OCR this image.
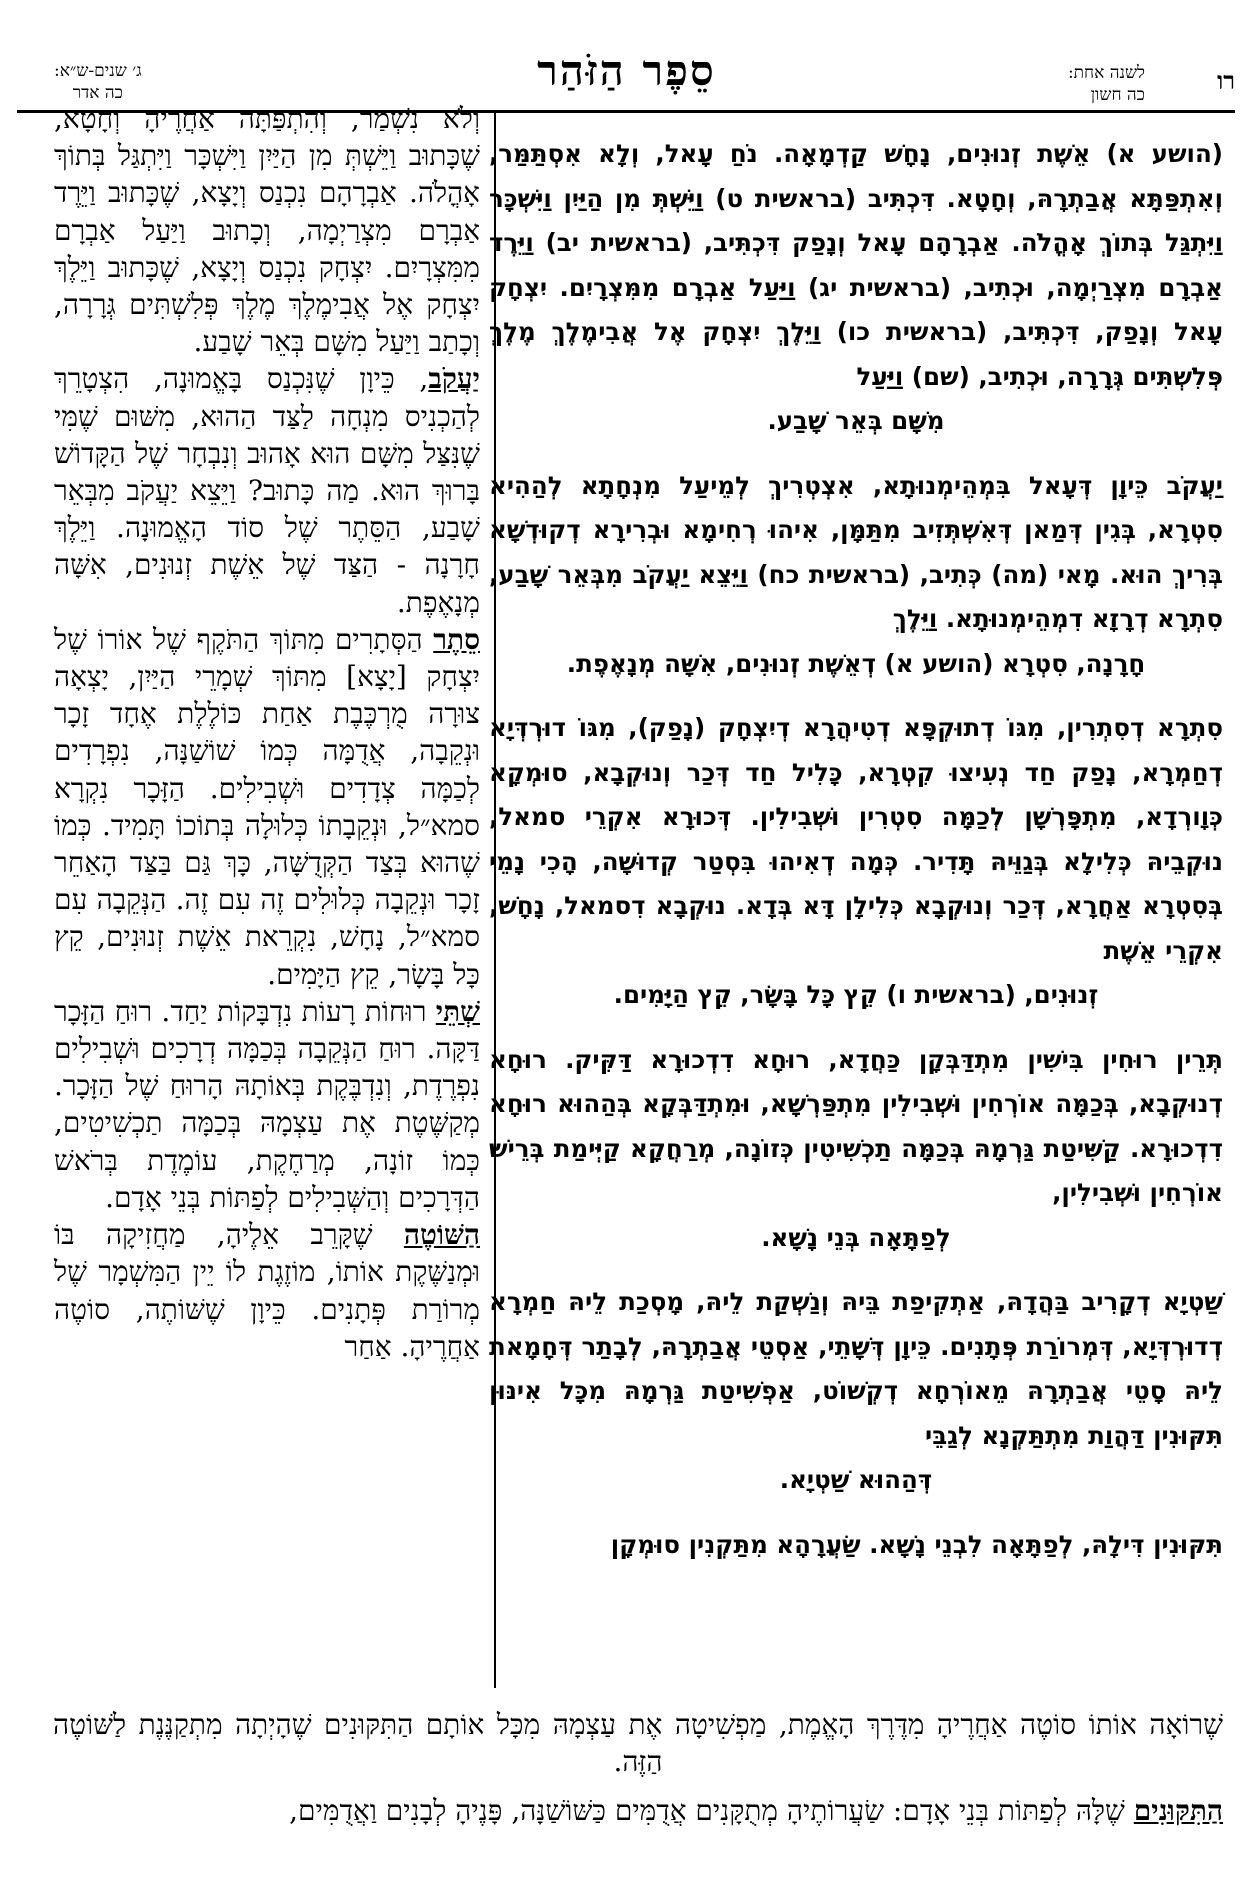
רו
לשנה אחת:
כה חשון
סֵפֶר הַזֹּהַר
ג׳ שנים-ש״א:
כה אדר

(הושע א) אֵשֶׁת זְנוּנִים, נָחָשׁ קַדְמָאָה. נֹחַ עָאל, וְלָא אִסְתַּמַּר, וְאִתְפַּתָּא אֲבַתְרָהּ, וְחָטָא. דִּכְתִּיב (בראשית ט) וַיֵּשְׁתְּ מִן הַיַּיִן וַיִּשְׁכָּר וַיִּתְגַּל בְּתוֹךְ אָהֳלֹה. אַבְרָהָם עָאל וְנָפַק דִּכְתִּיב, (בראשית יב) וַיֵּרֶד אַבְרָם מִצְרַיְמָה, וּכְתִיב, (בראשית יג) וַיַּעַל אַבְרָם מִמִּצְרָיִם. יִצְחָק עָאל וְנָפַק, דִּכְתִּיב, (בראשית כו) וַיֵּלֶךְ יִצְחָק אֶל אֲבִימֶלֶךְ מֶלֶךְ פְּלִשְׁתִּים גְּרָרָה, וּכְתִיב, (שם) וַיַּעַל
מִשָּׁם בְּאֵר שָׁבַע.

יַעֲקֹב כֵּיוָן דְּעָאל בִּמְהֵימְנוּתָא, אִצְטְרִיךְ לְמֵיעַל מִנְחָתָא לְהַהִיא סִטְרָא, בְּגִין דְּמַאן דְּאִשְׁתְּזִיב מִתַּמָּן, אִיהוּ רְחִימָא וּבְרִירָא דְקוּדְשָׁא בְּרִיךְ הוּא. מָאי (מה) כְּתִיב, (בראשית כח) וַיֵּצֵא יַעֲקֹב מִבְּאֵר שָׁבַע, סִתְרָא דְרָזָא דִמְהֵימְנוּתָא. וַיֵּלֶךְ
חָרָנָה, סִטְרָא (הושע א) דְאֵשֶׁת זְנוּנִים, אִשָּׁה מְנָאֶפֶת.

סִתְרָא דְסִתְרִין, מִגּוֹ דְתוּקְפָּא דְטִיהֲרָא דְיִצְחָק (נָפַק), מִגּוֹ דוּרְדְּיָא דְחַמְרָא, נָפַק חַד נְעִיצוּ קִטְרָא, כָּלִיל חַד דְּכַר וְנוּקְבָא, סוּמְקָא כְּוָורְדָא, מִתְפָּרְשָׁן לְכַמָּה סִטְרִין וּשְׁבִילִין. דְּכוּרָא אִקְרֵי סמאל, נוּקְבֵיהּ כְּלִילָא בְּגַוֵּיהּ תָּדִיר. כְּמָה דְאִיהוּ בִּסְטַר קְדוּשָׁה, הָכִי נָמֵי בְּסִטְרָא אַחֲרָא, דְּכַר וְנוּקְבָא כְּלִילָן דָּא בְּדָא. נוּקְבָא דִסמאל, נָחָשׁ, אִקְרֵי אֵשֶׁת
זְנוּנִים, (בראשית ו) קֵץ כָּל בָּשָׂר, קֵץ הַיָּמִים.

תְּרֵין רוּחִין בִּישִׁין מִתְדַּבְּקָן כַּחֲדָא, רוּחָא דִדְכוּרָא דַּקִּיק. רוּחָא דְנוּקְבָא, בְּכַמָּה אוֹרְחִין וּשְׁבִילִין מִתְפַּרְשָׁא, וּמִתְדַּבְּקָא בְּהַהוּא רוּחָא דִדְכוּרָא. קַשִּׁיטַת גַּרְמָהּ בְּכַמָּה תַכְשִׁיטִין כְּזוֹנָה, מְרַחֲקָא קַיְּימַת בְּרֵישׁ אוֹרְחִין וּשְׁבִילִין,
לְפַתָּאָה בְּנֵי נָשָׁא.

שַׁטְיָא דְקָרִיב בַּהֲדָהּ, אַתְקִיפַת בֵּיהּ וְנַשְׁקַת לֵיהּ, מָסְכַת לֵיהּ חַמְרָא דְדוּרְדְּיָא, דְּמְרוֹרַת פְּתָנִים. כֵּיוָן דְּשָׁתֵי, אַסְטֵי אֲבַתְרָהּ, לְבָתַר דְּחָמָאת לֵיהּ סָטֵי אֲבַתְרָהּ מֵאוֹרְחָא דְקְשׁוֹט, אַפְשִׁיטַת גַּרְמָהּ מִכָּל אִינּוּן תִּקּוּנִין דַּהֲוַת מִתְתַּקְנָא לְגַבֵּי
דְּהַהוּא שַׁטְיָא.

תִּקּוּנִין דִּילָהּ, לְפַתָּאָה לִבְנֵי נָשָׁא. שַׂעֲרָהָא מִתַּקְנִין סוּמְקָן

וְלֹא נִשְׁמַר, וְהִתְפַּתָּה אַחֲרֶיהָ וְחָטָא, שֶׁכָּתוּב וַיֵּשְׁתְּ מִן הַיַּיִן וַיִּשְׁכָּר וַיִּתְגַּל בְּתוֹךְ אָהֳלֹה. אַבְרָהָם נִכְנַס וְיָצָא, שֶׁכָּתוּב וַיֵּרֶד אַבְרָם מִצְרַיְמָה, וְכָתוּב וַיַּעַל אַבְרָם מִמִּצְרָיִם. יִצְחָק נִכְנַס וְיָצָא, שֶׁכָּתוּב וַיֵּלֶךְ יִצְחָק אֶל אֲבִימֶלֶךְ מֶלֶךְ פְּלִשְׁתִּים גְּרָרָה, וְכָתַב וַיַּעַל מִשָּׁם בְּאֵר שָׁבַע.

יַעֲקֹב, כֵּיוָן שֶׁנִּכְנַס בָּאֱמוּנָה, הִצְטָרֵךְ לְהַכְנִיס מִנְחָה לַצַּד הַהוּא, מִשּׁוּם שֶׁמִּי שֶׁנִּצַּל מִשָּׁם הוּא אָהוּב וְנִבְחָר שֶׁל הַקָּדוֹשׁ בָּרוּךְ הוּא. מַה כָּתוּב? וַיֵּצֵא יַעֲקֹב מִבְּאֵר שָׁבַע, הַסֵּתֶר שֶׁל סוֹד הָאֱמוּנָה. וַיֵּלֶךְ חָרָנָה - הַצַּד שֶׁל אֵשֶׁת זְנוּנִים, אִשָּׁה מְנָאֶפֶת.

סֵתֶר הַסְּתָרִים מִתּוֹךְ הַתֹּקֶף שֶׁל אוֹרוֹ שֶׁל יִצְחָק [יָצָא] מִתּוֹךְ שְׁמָרֵי הַיַּיִן, יָצְאָה צוּרָה מֻרְכֶּבֶת אַחַת כּוֹלֶלֶת אֶחָד זָכָר וּנְקֵבָה, אֲדֻמָּה כְּמוֹ שׁוֹשַׁנָּה, נִפְרָדִים לְכַמָּה צְדָדִים וּשְׁבִילִים. הַזָּכָר נִקְרָא סמא״ל, וּנְקֵבָתוֹ כְּלוּלָה בְּתוֹכוֹ תָּמִיד. כְּמוֹ שֶׁהוּא בְּצַד הַקְּדֻשָּׁה, כָּךְ גַּם בַּצַּד הָאַחֵר זָכָר וּנְקֵבָה כְּלוּלִים זֶה עִם זֶה. הַנְּקֵבָה עִם סמא״ל, נָחָשׁ, נִקְרֵאת אֵשֶׁת זְנוּנִים, קֵץ כָּל בָּשָׂר, קֵץ הַיָּמִים.

שְׁתֵּי רוּחוֹת רָעוֹת נִדְבָּקוֹת יַחַד. רוּחַ הַזָּכָר דַּקָּה. רוּחַ הַנְּקֵבָה בְּכַמָּה דְרָכִים וּשְׁבִילִים נִפְרֶדֶת, וְנִדְבֶּקֶת בְּאוֹתָהּ הָרוּחַ שֶׁל הַזָּכָר. מְקַשֶּׁטֶת אֶת עַצְמָהּ בְּכַמָּה תַכְשִׁיטִים, כְּמוֹ זוֹנָה, מְרַחֶקֶת, עוֹמֶדֶת בְּרֹאשׁ הַדְּרָכִים וְהַשְּׁבִילִים לְפַתּוֹת בְּנֵי אָדָם.

הַשּׁוֹטֶה שֶׁקָּרֵב אֵלֶיהָ, מַחֲזִיקָה בּוֹ וּמְנַשֶּׁקֶת אוֹתוֹ, מוֹזֶגֶת לוֹ יֵין הַמִּשְׁמָר שֶׁל מְרוֹרַת פְּתָנִים. כֵּיוָן שֶׁשּׁוֹתֶה, סוֹטֶה אַחֲרֶיהָ. אַחַר

שֶׁרוֹאָה אוֹתוֹ סוֹטֶה אַחֲרֶיהָ מִדֶּרֶךְ הָאֱמֶת, מַפְשִׁיטָה אֶת עַצְמָהּ מִכָּל אוֹתָם הַתִּקּוּנִים שֶׁהָיְתָה מִתְקַנֶּנֶת לַשּׁוֹטֶה הַזֶּה.
הַתִּקּוּנִים שֶׁלָּהּ לְפַתּוֹת בְּנֵי אָדָם: שַׂעֲרוֹתֶיהָ מְתֻקָּנִים אֲדֻמִּים כַּשּׁוֹשַׁנָּה, פָּנֶיהָ לְבָנִים וַאֲדֻמִּים,
